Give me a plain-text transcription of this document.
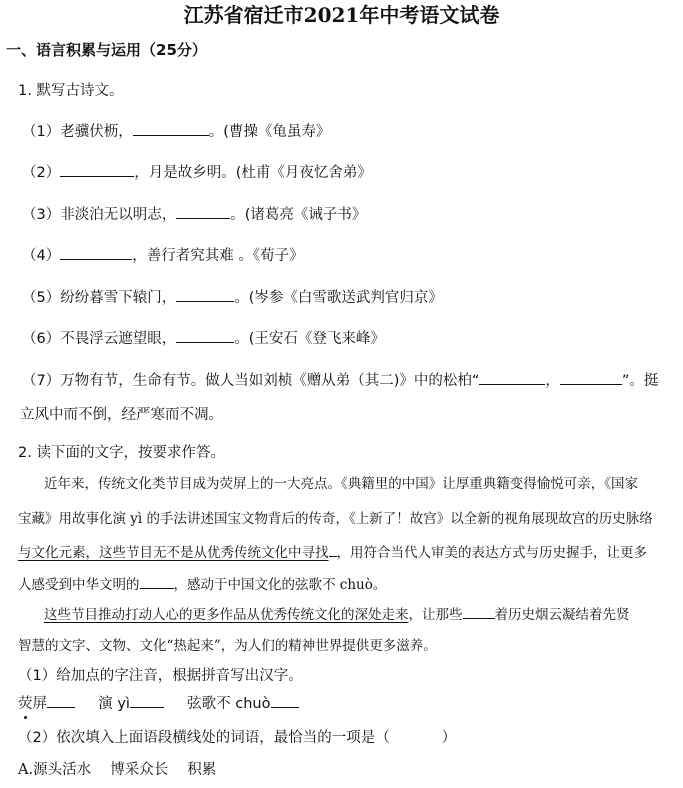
江苏省宿迁市2021年中考语文试卷
一、语言积累与运用（25分）
1. 默写古诗文。
（1）老骥伏枥，	。(曹操《龟虽寿》
（2）	，月是故乡明。(杜甫《月夜忆舍弟》
（3）非淡泊无以明志，	。(诸葛亮《诫子书》
（4）	，善行者究其难 。《荀子》
（5）纷纷暮雪下辕门，	。(岑参《白雪歌送武判官归京》
（6）不畏浮云遮望眼，	。(王安石《登飞来峰》
（7）万物有节，生命有节。做人当如刘桢《赠从弟（其二)》中的松柏“	，	”。挺
立风中而不倒，经严寒而不凋。
2. 读下面的文字，按要求作答。
近年来，传统文化类节目成为荧屏上的一大亮点。《典籍里的中国》让厚重典籍变得愉悦可亲，《国家
宝藏》用故事化演 yì 的手法讲述国宝文物背后的传奇，《上新了！故宫》以全新的视角展现故宫的历史脉络
与文化元素，这些节目无不是从优秀传统文化中寻找 ，用符合当代人审美的表达方式与历史握手，让更多
人感受到中华文明的	，感动于中国文化的弦歌不 chuò。
这些节目推动打动人心的更多作品从优秀传统文化的深处走来，让那些 着历史烟云凝结着先贤
智慧的文字、文物、文化“热起来”，为人们的精神世界提供更多滋养。
（1）给加点的字注音，根据拼音写出汉字。
荧屏	演 yì	弦歌不 chuò
（2）依次填入上面语段横线处的词语，最恰当的一项是（	）
A.源头活水　 博采众长　 积累
